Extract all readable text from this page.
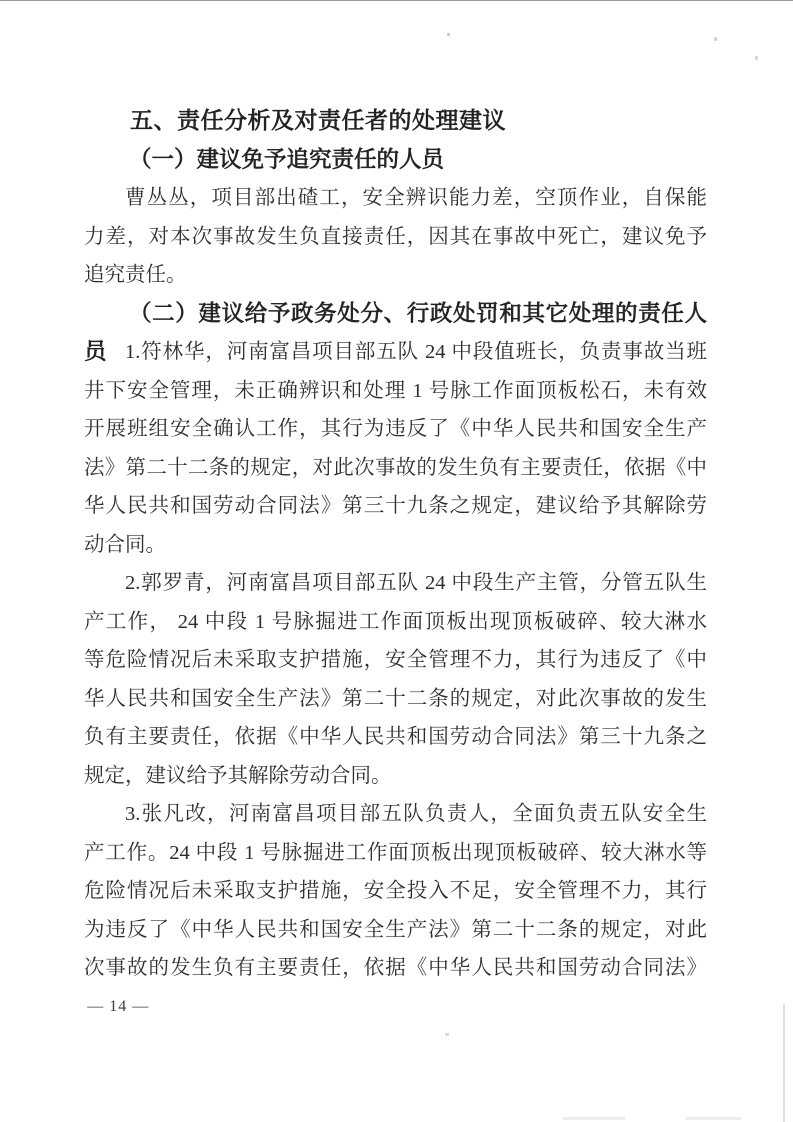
五、责任分析及对责任者的处理建议
（一）建议免予追究责任的人员
曹丛丛，项目部出碴工，安全辨识能力差，空顶作业，自保能
力差，对本次事故发生负直接责任，因其在事故中死亡，建议免予
追究责任。
（二）建议给予政务处分、行政处罚和其它处理的责任人员 1.符林华，河南富昌项目部五队 24 中段值班长，负责事故当班
井下安全管理，未正确辨识和处理 1 号脉工作面顶板松石，未有效
开展班组安全确认工作，其行为违反了《中华人民共和国安全生产
法》第二十二条的规定，对此次事故的发生负有主要责任，依据《中
华人民共和国劳动合同法》第三十九条之规定，建议给予其解除劳
动合同。
2.郭罗青，河南富昌项目部五队 24 中段生产主管，分管五队生
产工作， 24 中段 1 号脉掘进工作面顶板出现顶板破碎、较大淋水
等危险情况后未采取支护措施，安全管理不力，其行为违反了《中
华人民共和国安全生产法》第二十二条的规定，对此次事故的发生
负有主要责任，依据《中华人民共和国劳动合同法》第三十九条之
规定，建议给予其解除劳动合同。
3.张凡改，河南富昌项目部五队负责人，全面负责五队安全生
产工作。24 中段 1 号脉掘进工作面顶板出现顶板破碎、较大淋水等
危险情况后未采取支护措施，安全投入不足，安全管理不力，其行
为违反了《中华人民共和国安全生产法》第二十二条的规定，对此
次事故的发生负有主要责任，依据《中华人民共和国劳动合同法》
— 14 —
